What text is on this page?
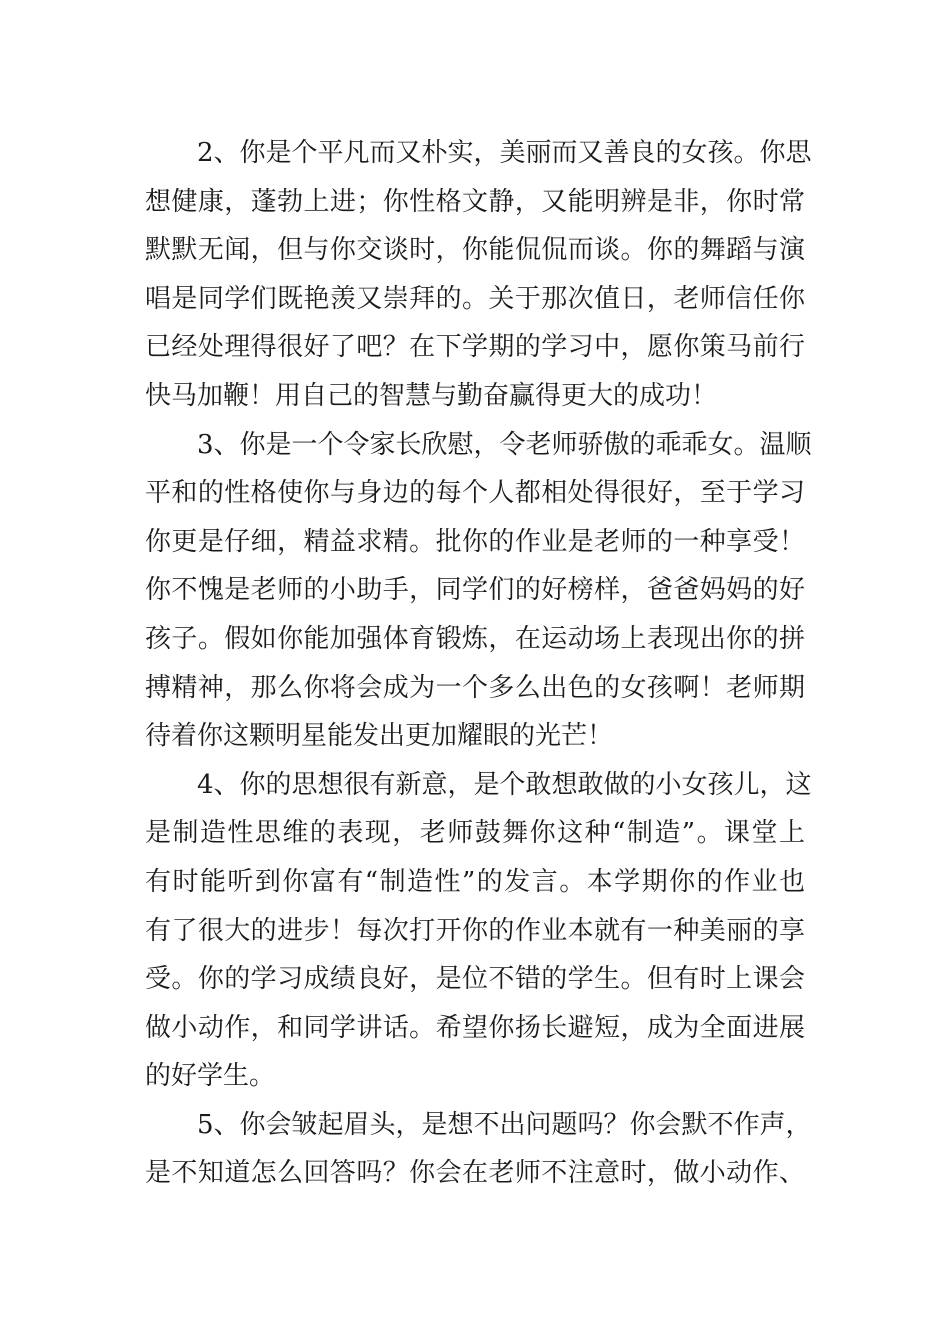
2、你是个平凡而又朴实，美丽而又善良的女孩。你思
想健康，蓬勃上进；你性格文静，又能明辨是非，你时常
默默无闻，但与你交谈时，你能侃侃而谈。你的舞蹈与演
唱是同学们既艳羡又崇拜的。关于那次值日，老师信任你
已经处理得很好了吧？在下学期的学习中，愿你策马前行
快马加鞭！用自己的智慧与勤奋赢得更大的成功！
3、你是一个令家长欣慰，令老师骄傲的乖乖女。温顺
平和的性格使你与身边的每个人都相处得很好，至于学习
你更是仔细，精益求精。批你的作业是老师的一种享受！
你不愧是老师的小助手，同学们的好榜样，爸爸妈妈的好
孩子。假如你能加强体育锻炼，在运动场上表现出你的拼
搏精神，那么你将会成为一个多么出色的女孩啊！老师期
待着你这颗明星能发出更加耀眼的光芒！
4、你的思想很有新意，是个敢想敢做的小女孩儿，这
是制造性思维的表现，老师鼓舞你这种“制造”。课堂上
有时能听到你富有“制造性”的发言。本学期你的作业也
有了很大的进步！每次打开你的作业本就有一种美丽的享
受。你的学习成绩良好，是位不错的学生。但有时上课会
做小动作，和同学讲话。希望你扬长避短，成为全面进展
的好学生。
5、你会皱起眉头，是想不出问题吗？你会默不作声，
是不知道怎么回答吗？你会在老师不注意时，做小动作、
